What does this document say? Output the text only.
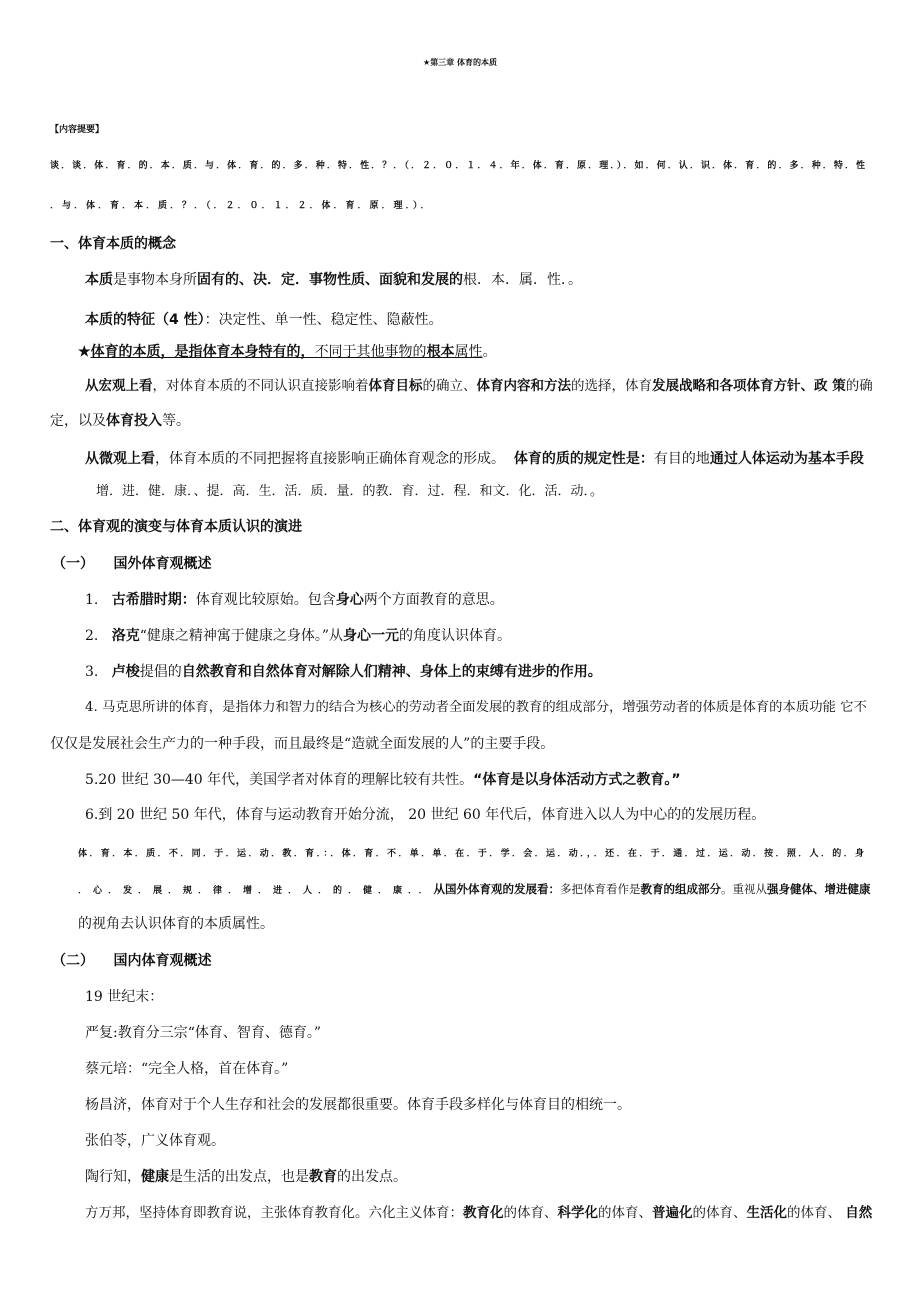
★第三章 体育的本质
【内容提要】
谈．谈．体．育．的．本．质．与．体．育．的．多．种．特．性．？．（．２．０．１．４．年．体．育．原．理．）．如．何．认．识．体．育．的．多．种．特．性
．与．体．育．本．质．？．（．２．０．１．２．体．育．原．理．）．
一、体育本质的概念
本质是事物本身所固有的、决．定．事物性质、面貌和发展的根．本．属．性．。
本质的特征（4 性）：决定性、单一性、稳定性、隐蔽性。
★体育的本质，是指体育本身特有的，不同于其他事物的根本属性。
从宏观上看，对体育本质的不同认识直接影响着体育目标的确立、体育内容和方法的选择，体育发展战略和各项体育方针、政 策的确
定，以及体育投入等。
从微观上看，体育本质的不同把握将直接影响正确体育观念的形成。 体育的质的规定性是：有目的地通过人体运动为基本手段
增．进．健．康．、提．高．生．活．质．量．的教．育．过．程．和文．化．活．动．。
二、体育观的演变与体育本质认识的演进
（一） 国外体育观概述
1. 古希腊时期：体育观比较原始。包含身心两个方面教育的意思。
2. 洛克“健康之精神寓于健康之身体。”从身心一元的角度认识体育。
3. 卢梭提倡的自然教育和自然体育对解除人们精神、身体上的束缚有进步的作用。
4. 马克思所讲的体育，是指体力和智力的结合为核心的劳动者全面发展的教育的组成部分，增强劳动者的体质是体育的本质功能 它不
仅仅是发展社会生产力的一种手段，而且最终是“造就全面发展的人”的主要手段。
5.20 世纪 30—40 年代，美国学者对体育的理解比较有共性。“体育是以身体活动方式之教育。”
6.到 20 世纪 50 年代，体育与运动教育开始分流， 20 世纪 60 年代后，体育进入以人为中心的的发展历程。
体．育．本．质．不．同．于．运．动．教．育．：．体．育．不．单．单．在．于．学．会．运．动．，．还．在．于．通．过．运．动．按．照．人．的．身
．心．发．展．规．律．增．进．人．的．健．康．．从国外体育观的发展看：多把体育看作是教育的组成部分。重视从强身健体、增进健康
的视角去认识体育的本质属性。
（二） 国内体育观概述
19 世纪末：
严复:教育分三宗“体育、智育、德育。”
蔡元培：“完全人格，首在体育。”
杨昌济，体育对于个人生存和社会的发展都很重要。体育手段多样化与体育目的相统一。
张伯苓，广义体育观。
陶行知，健康是生活的出发点，也是教育的出发点。
方万邦，坚持体育即教育说，主张体育教育化。六化主义体育：教育化的体育、科学化的体育、普遍化的体育、生活化的体育、 自然
